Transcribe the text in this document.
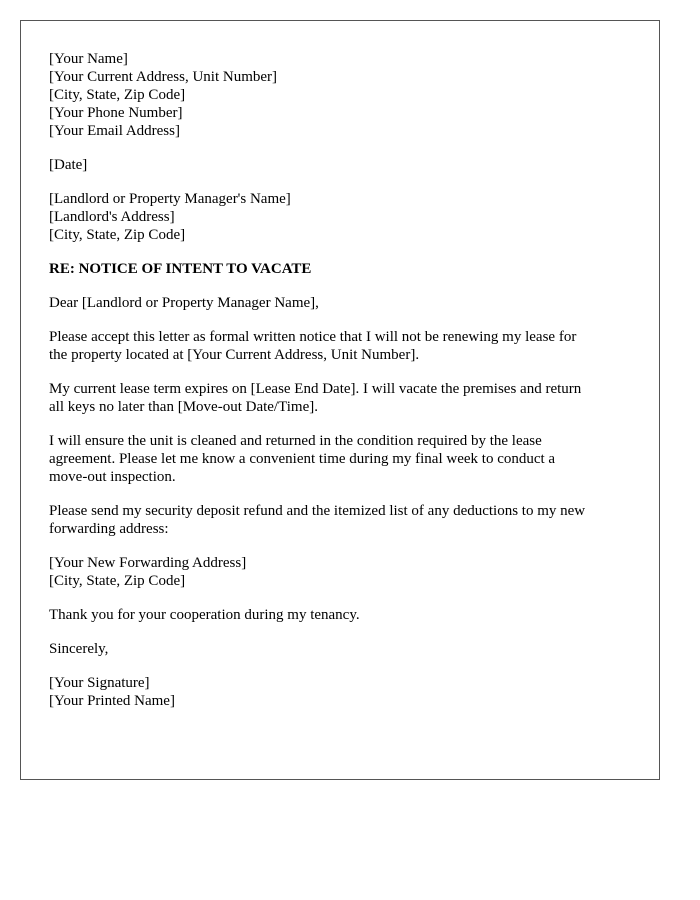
[Your Name]
[Your Current Address, Unit Number]
[City, State, Zip Code]
[Your Phone Number]
[Your Email Address]
[Date]
[Landlord or Property Manager's Name]
[Landlord's Address]
[City, State, Zip Code]
RE: NOTICE OF INTENT TO VACATE
Dear [Landlord or Property Manager Name],
Please accept this letter as formal written notice that I will not be renewing my lease for
the property located at [Your Current Address, Unit Number].
My current lease term expires on [Lease End Date]. I will vacate the premises and return
all keys no later than [Move-out Date/Time].
I will ensure the unit is cleaned and returned in the condition required by the lease
agreement. Please let me know a convenient time during my final week to conduct a
move-out inspection.
Please send my security deposit refund and the itemized list of any deductions to my new
forwarding address:
[Your New Forwarding Address]
[City, State, Zip Code]
Thank you for your cooperation during my tenancy.
Sincerely,
[Your Signature]
[Your Printed Name]
